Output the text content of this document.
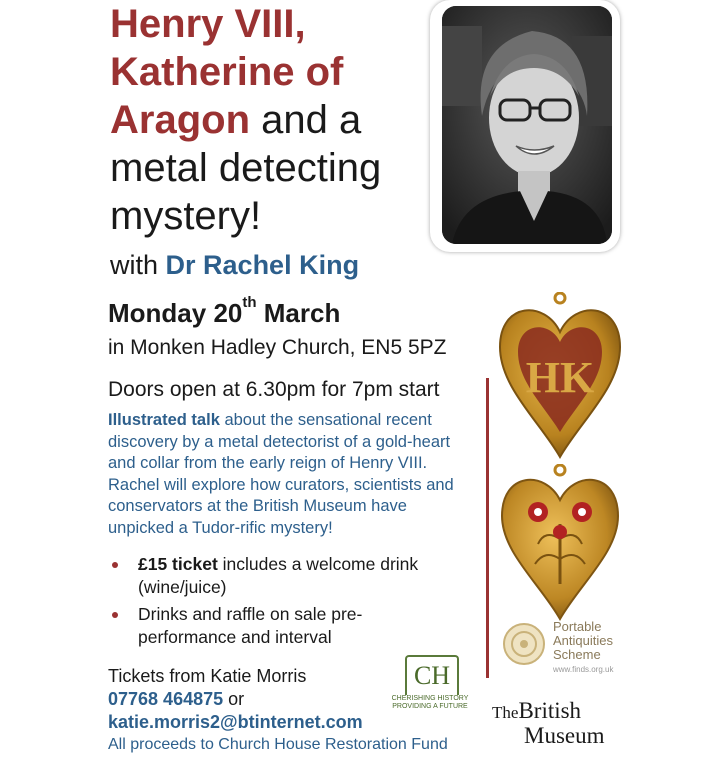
Henry VIII,
Katherine of
Aragon and a metal detecting mystery!
with Dr Rachel King
Monday 20th March
in Monken Hadley Church, EN5 5PZ
Doors open at 6.30pm for 7pm start
Illustrated talk about the sensational recent discovery by a metal detectorist of a gold-heart and collar from the early reign of Henry VIII. Rachel will explore how curators, scientists and conservators at the British Museum have unpicked a Tudor-rific mystery!
£15 ticket includes a welcome drink (wine/juice)
Drinks and raffle on sale pre-performance and interval
Tickets from Katie Morris
07768 464875 or
katie.morris2@btinternet.com
All proceeds to Church House Restoration Fund
HK
Portable
Antiquities
Scheme
www.finds.org.uk
CH
CHERISHING HISTORY
PROVIDING A FUTURE	TheBritish
Museum
